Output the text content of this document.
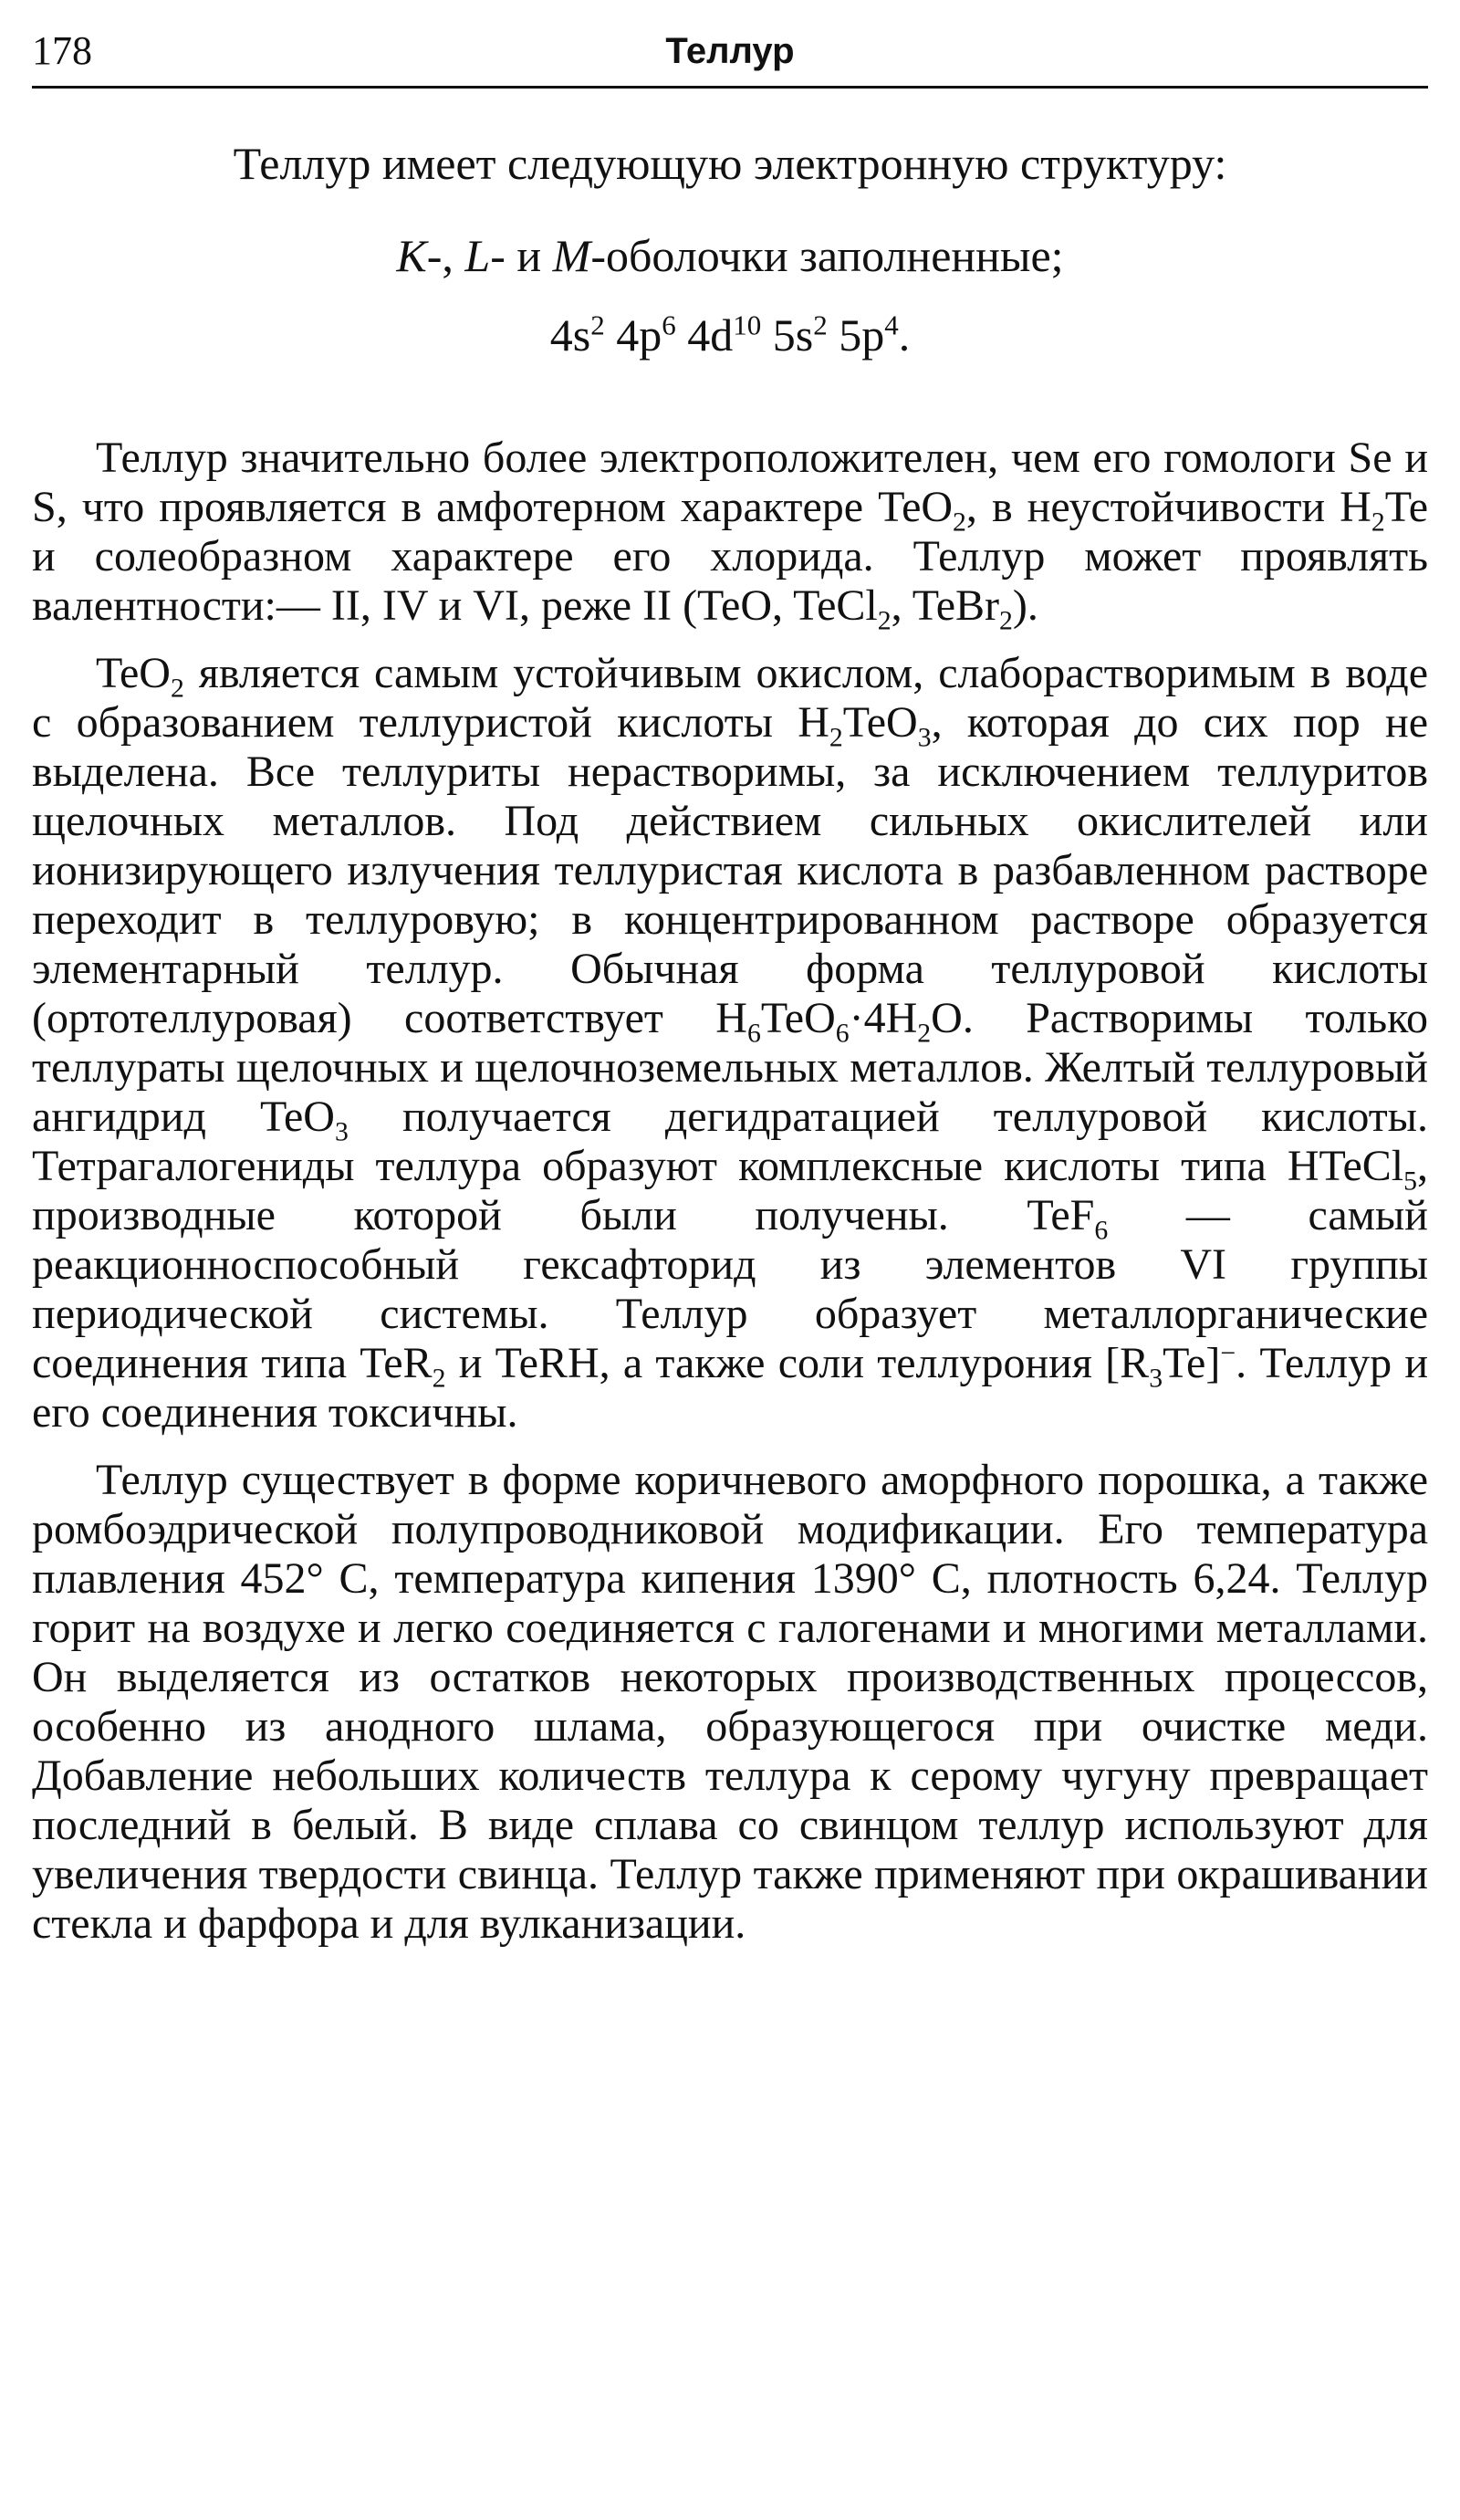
178	Теллур

Теллур имеет следующую электронную структуру:

K-, L- и M-оболочки заполненные;
$4s^2$ $4p^6$ $4d^{10}$ $5s^2$ $5p^4$.

Теллур значительно более электроположителен, чем его гомологи Se и S, что проявляется в амфотерном характере TeO$_2$, в неустойчивости $H_2Te$ и солеобразном характере его хлорида. Теллур может проявлять валентности:— II, IV и VI, реже II (TeO, TeCl$_2$, TeBr$_2$).

TeO$_2$ является самым устойчивым окислом, слаборастворимым в воде с образованием теллуристой кислоты $H_2TeO_3$, которая до сих пор не выделена. Все теллуриты нерастворимы, за исключением теллуритов щелочных металлов. Под действием сильных окислителей или ионизирующего излучения теллуристая кислота в разбавленном растворе переходит в теллуровую; в концентрированном растворе образуется элементарный теллур. Обычная форма теллуровой кислоты (ортотеллуровая) соответствует $H_6TeO_6\cdot 4H_2O$. Растворимы только теллураты щелочных и щелочноземельных металлов. Желтый теллуровый ангидрид TeO$_3$ получается дегидратацией теллуровой кислоты. Тетрагалогениды теллура образуют комплексные кислоты типа HTeCl$_5$, производные которой были получены. TeF$_6$ — самый реакционноспособный гексафторид из элементов VI группы периодической системы. Теллур образует металлорганические соединения типа TeR$_2$ и TeRH, а также соли теллурония $[R_3Te]^-$. Теллур и его соединения токсичны.

Теллур существует в форме коричневого аморфного порошка, а также ромбоэдрической полупроводниковой модификации. Его температура плавления 452° C, температура кипения 1390° C, плотность 6,24. Теллур горит на воздухе и легко соединяется с галогенами и многими металлами. Он выделяется из остатков некоторых производственных процессов, особенно из анодного шлама, образующегося при очистке меди. Добавление небольших количеств теллура к серому чугуну превращает последний в белый. В виде сплава со свинцом теллур используют для увеличения твердости свинца. Теллур также применяют при окрашивании стекла и фарфора и для вулканизации.
